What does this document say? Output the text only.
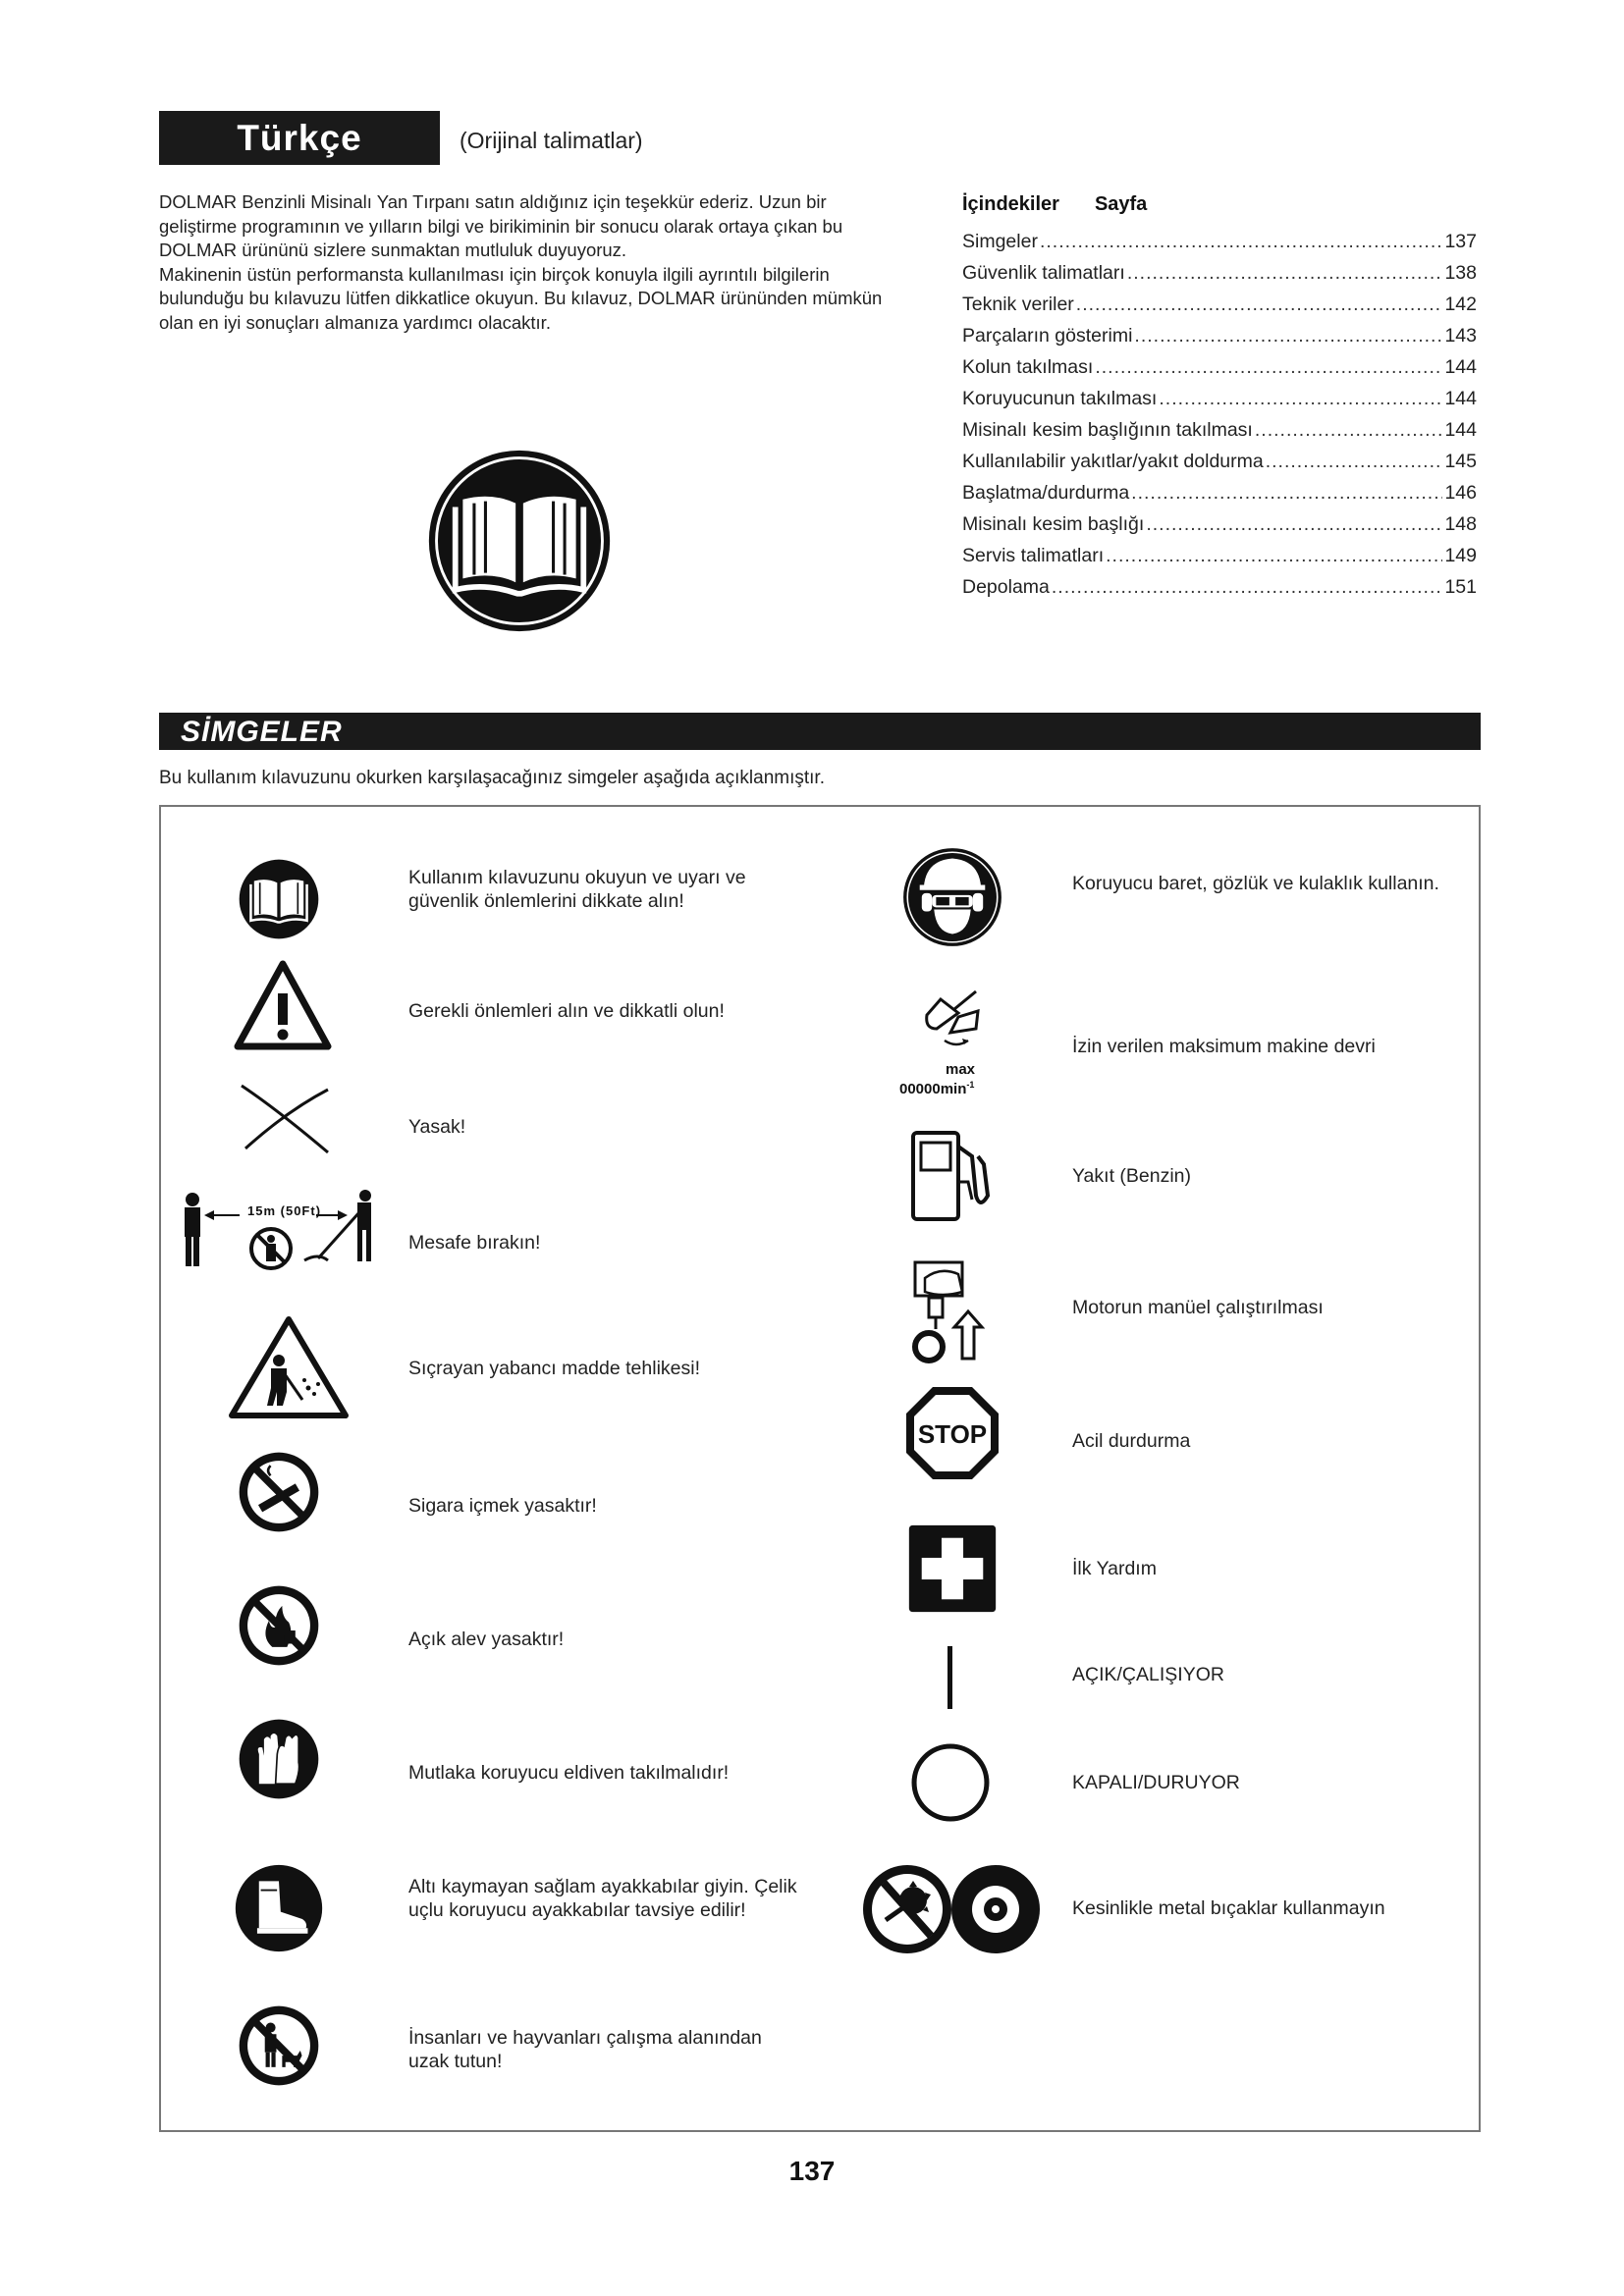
Türkçe	(Orijinal talimatlar)

DOLMAR Benzinli Misinalı Yan Tırpanı satın aldığınız için teşekkür ederiz. Uzun bir geliştirme programının ve yılların bilgi ve birikiminin bir sonucu olarak ortaya çıkan bu DOLMAR ürününü sizlere sunmaktan mutluluk duyuyoruz.

Makinenin üstün performansta kullanılması için birçok konuyla ilgili ayrıntılı bilgilerin bulunduğu bu kılavuzu lütfen dikkatlice okuyun. Bu kılavuz, DOLMAR ürününden mümkün olan en iyi sonuçları almanıza yardımcı olacaktır.

İçindekiler Sayfa
Simgeler .....	137
Güvenlik talimatları .....	138
Teknik veriler .....	142
Parçaların gösterimi .....	143
Kolun takılması .....	144
Koruyucunun takılması .....	144
Misinalı kesim başlığının takılması .....	144
Kullanılabilir yakıtlar/yakıt doldurma .....	145
Başlatma/durdurma .....	146
Misinalı kesim başlığı .....	148
Servis talimatları .....	149
Depolama .....	151
SİMGELER
Bu kullanım kılavuzunu okurken karşılaşacağınız simgeler aşağıda açıklanmıştır.
Kullanım kılavuzunu okuyun ve uyarı ve güvenlik önlemlerini dikkate alın!
Gerekli önlemleri alın ve dikkatli olun!
Yasak!
15m (50Ft)
Mesafe bırakın!
Sıçrayan yabancı madde tehlikesi!
Sigara içmek yasaktır!
Açık alev yasaktır!
Mutlaka koruyucu eldiven takılmalıdır!
Altı kaymayan sağlam ayakkabılar giyin. Çelik uçlu koruyucu ayakkabılar tavsiye edilir!
İnsanları ve hayvanları çalışma alanından uzak tutun!
Koruyucu baret, gözlük ve kulaklık kullanın.
max
$00000\min^{-1}$
İzin verilen maksimum makine devri
Yakıt (Benzin)
Motorun manüel çalıştırılması
STOP	Acil durdurma
İlk Yardım
AÇIK/ÇALIŞIYOR
KAPALI/DURUYOR
Kesinlikle metal bıçaklar kullanmayın
137
